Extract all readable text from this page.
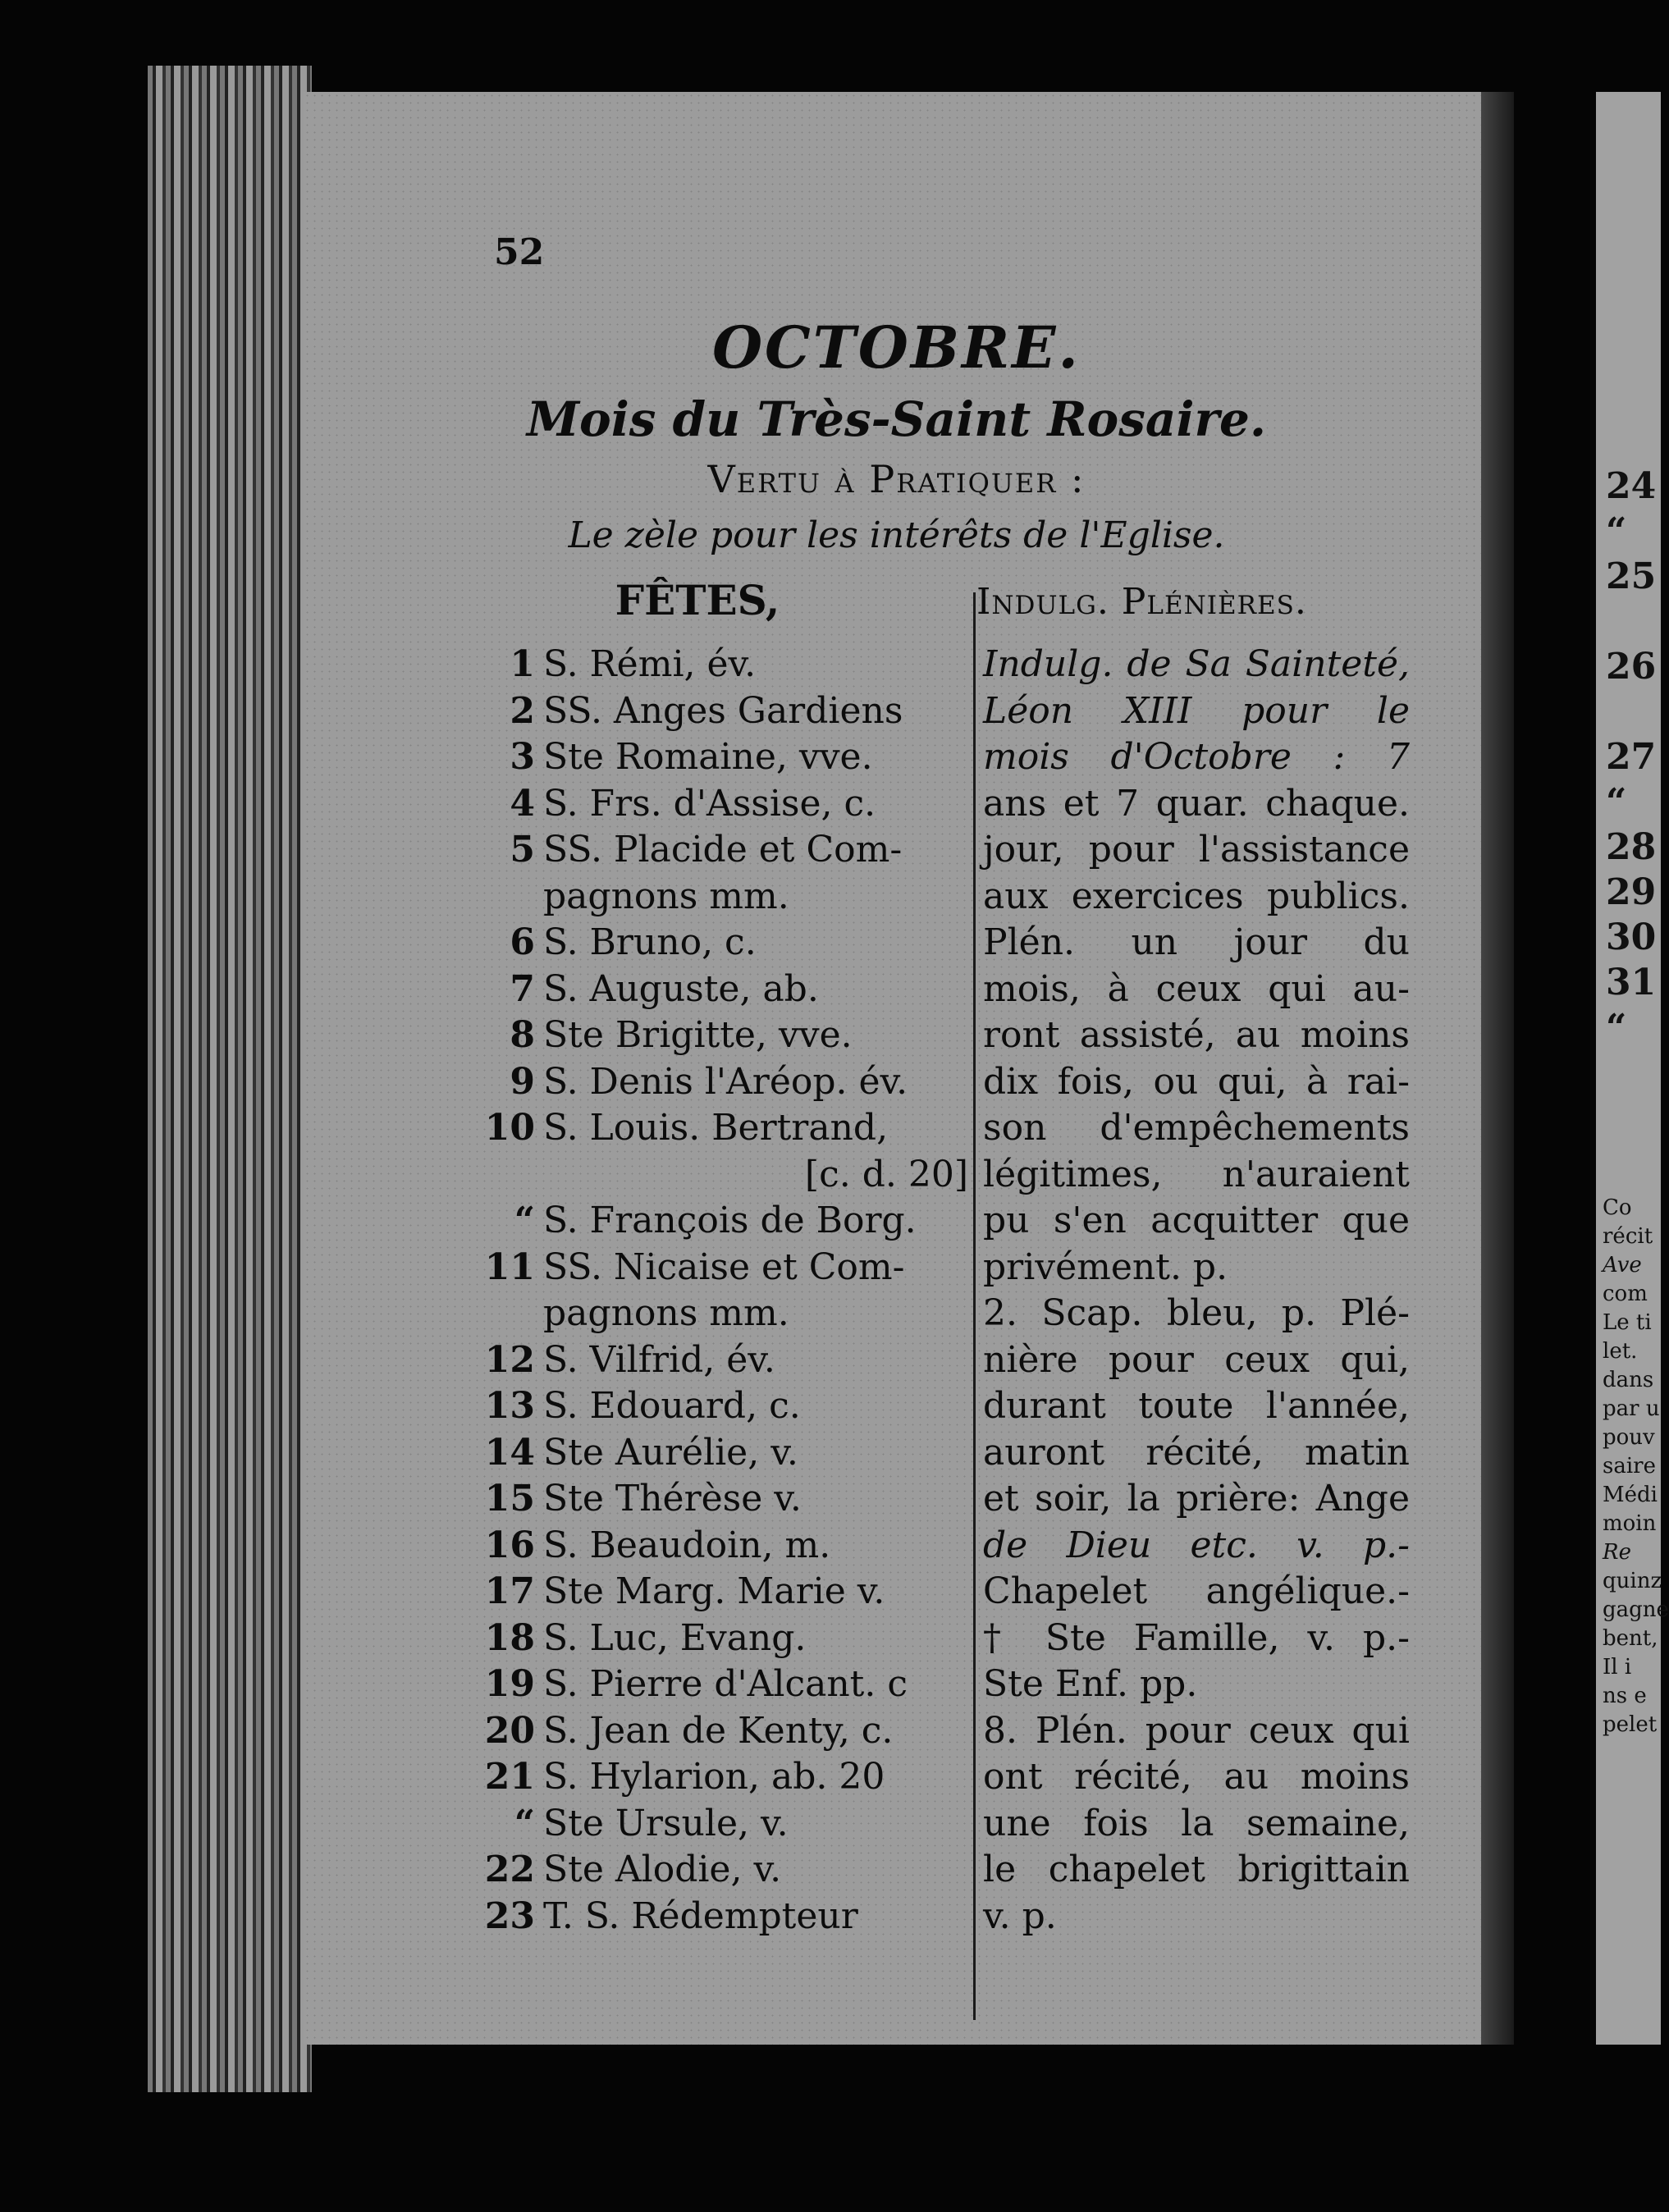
52
OCTOBRE.
Mois du Très-Saint Rosaire.
Vertu à Pratiquer :
Le zèle pour les intérêts de l'Eglise.
FÊTES,	Indulg. Plénières.
1 S. Rémi, év.
2 SS. Anges Gardiens
3 Ste Romaine, vve.
4 S. Frs. d'Assise, c.
5 SS. Placide et Com-
pagnons mm.
6 S. Bruno, c.
7 S. Auguste, ab.
8 Ste Brigitte, vve.
9 S. Denis l'Aréop. év.
10 S. Louis. Bertrand,
[c. d. 20]
“ S. François de Borg.
11 SS. Nicaise et Com-
pagnons mm.
12 S. Vilfrid, év.
13 S. Edouard, c.
14 Ste Aurélie, v.
15 Ste Thérèse v.
16 S. Beaudoin, m.
17 Ste Marg. Marie v.
18 S. Luc, Evang.
19 S. Pierre d'Alcant. c
20 S. Jean de Kenty, c.
21 S. Hylarion, ab. 20
“ Ste Ursule, v.
22 Ste Alodie, v.
23 T. S. Rédempteur
Indulg. de Sa Sainteté,
Léon XIII pour le
mois d'Octobre : 7
ans et 7 quar. chaque.
jour, pour l'assistance
aux exercices publics.
Plén. un jour du
mois, à ceux qui au-
ront assisté, au moins
dix fois, ou qui, à rai-
son d'empêchements
légitimes, n'auraient
pu s'en acquitter que
privément. p.
2. Scap. bleu, p. Plé-
nière pour ceux qui,
durant toute l'année,
auront récité, matin
et soir, la prière: Ange
de Dieu etc. v. p.-
Chapelet angélique.-
† Ste Famille, v. p.-
Ste Enf. pp.
8. Plén. pour ceux qui
ont récité, au moins
une fois la semaine,
le chapelet brigittain
v. p.
24
“
25
26
27
“
28
29
30
31
“
Co
récit
Ave
com
Le ti
let.
dans
par u
pouv
saire
Médi
moin
Re
quinz
gagne
bent,
Il i
ns e
pelet
